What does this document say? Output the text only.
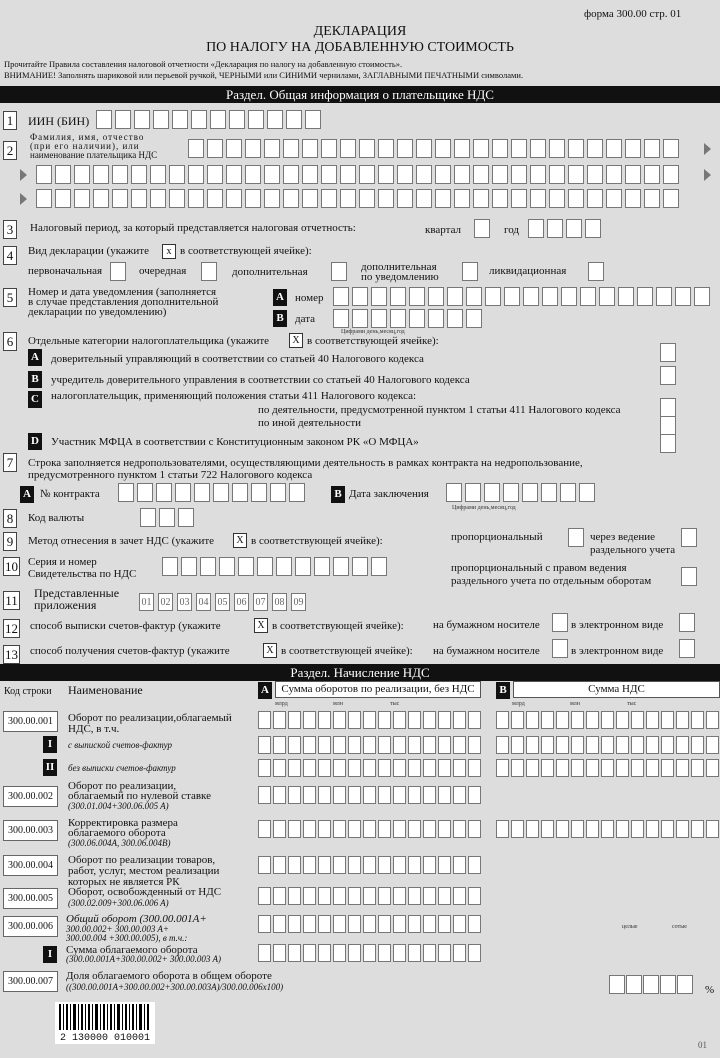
форма 300.00 стр. 01
ДЕКЛАРАЦИЯ
ПО НАЛОГУ НА ДОБАВЛЕННУЮ СТОИМОСТЬ
Прочитайте Правила составления налоговой отчетности «Декларация по налогу на добавленную стоимость».
ВНИМАНИЕ! Заполнять шариковой или перьевой ручкой, ЧЕРНЫМИ или СИНИМИ чернилами, ЗАГЛАВНЫМИ ПЕЧАТНЫМИ символами.
Раздел. Общая информация о плательщике НДС
1	ИИН (БИН)
2
Фамилия, имя, отчество
(при его наличии), или
наименование плательщика НДС
3	Налоговый период, за который представляется налоговая отчетность:	квартал	год
4	Вид декларации (укажите	x в соответствующей ячейке):
первоначальная	очередная	дополнительная	дополнительная
по уведомлению	ликвидационная
5	Номер и дата уведомления (заполняется
в случае представления дополнительной
декларации по уведомлению)
A номер
B	дата
Цифрами день,месяц,год
6	Отдельные категории налогоплательщика (укажите	X в соответствующей ячейке):
A доверительный управляющий в соответствии со статьей 40 Налогового кодекса
B	учредитель доверительного управления в соответствии со статьей 40 Налогового кодекса
C налогоплательщик, применяющий положения статьи 411 Налогового кодекса:
по деятельности, предусмотренной пунктом 1 статьи 411 Налогового кодекса
по иной деятельности
D Участник МФЦА в соответствии с Конституционным законом РК «О МФЦА»
7	Строка заполняется недропользователями, осуществляющими деятельность в рамках контракта на недропользование,
предусмотренного пунктом 1 статьи 722 Налогового кодекса
A № контракта	B Дата заключения
Цифрами день,месяц,год
8	Код валюты
9	Метод отнесения в зачет НДС (укажите	X в соответствующей ячейке):	пропорциональный	через ведение
раздельного учета
10 Серия и номер
Свидетельства по НДС	пропорциональный с правом ведения
раздельного учета по отдельным оборотам
11 Представленные
приложения	01 02 03 04 05 06 07 08 09
12 способ выписки счетов-фактур (укажите	X в соответствующей ячейке):	на бумажном носителе	в электронном виде
13 способ получения счетов-фактур (укажите	X в соответствующей ячейке): на бумажном носителе	в электронном виде
Раздел. Начисление НДС
Код строки Наименование	A	Сумма оборотов по реализации, без НДС	B	Сумма НДС
млрд	млн	тыс	млрд	млн	тыс
300.00.001	Оборот по реализации,облагаемый
НДС, в т.ч.
I	с выпиской счетов-фактур
II	без выписки счетов-фактур
300.00.002
Оборот по реализации,
облагаемый по нулевой ставке
(300.01.004+300.06.005 A)
300.00.003
Корректировка размера
облагаемого оборота
(300.06.004A, 300.06.004B)
300.00.004	Оборот по реализации товаров,
работ, услуг, местом реализации
которых не является РК
300.00.005
Оборот, освобожденный от НДС
(300.02.009+300.06.006 A)
300.00.006
Общий оборот (300.00.001A+
300.00.002+ 300.00.003 A+
300.00.004 +300.00.005), в т.ч.:
целые	сотые
I	Сумма облагаемого оборота
(300.00.001A+300.00.002+ 300.00.003 A)
300.00.007	Доля облагаемого оборота в общем обороте
((300.00.001A+300.00.002+300.00.003A)/300.00.006x100)	%
2 130000 010001
01
